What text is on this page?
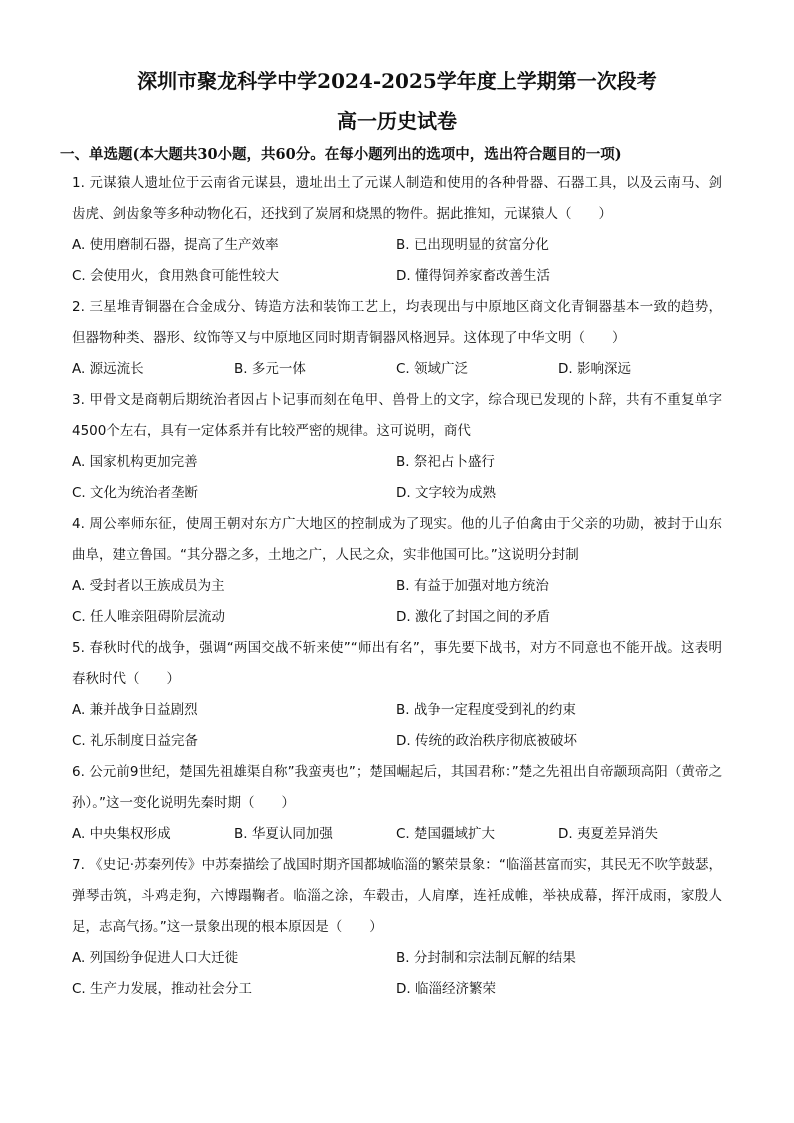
深圳市聚龙科学中学2024-2025学年度上学期第一次段考
高一历史试卷
一、单选题(本大题共30小题，共60分。在每小题列出的选项中，选出符合题目的一项)

1. 元谋猿人遗址位于云南省元谋县，遗址出土了元谋人制造和使用的各种骨器、石器工具，以及云南马、剑齿虎、剑齿象等多种动物化石，还找到了炭屑和烧黑的物件。据此推知，元谋猿人（　　）

A. 使用磨制石器，提高了生产效率	B. 已出现明显的贫富分化
C. 会使用火，食用熟食可能性较大	D. 懂得饲养家畜改善生活

2. 三星堆青铜器在合金成分、铸造方法和装饰工艺上，均表现出与中原地区商文化青铜器基本一致的趋势，但器物种类、器形、纹饰等又与中原地区同时期青铜器风格迥异。这体现了中华文明（　　）

A. 源远流长	B. 多元一体	C. 领域广泛	D. 影响深远

3. 甲骨文是商朝后期统治者因占卜记事而刻在龟甲、兽骨上的文字，综合现已发现的卜辞，共有不重复单字4500个左右，具有一定体系并有比较严密的规律。这可说明，商代

A. 国家机构更加完善	B. 祭祀占卜盛行
C. 文化为统治者垄断	D. 文字较为成熟

4. 周公率师东征，使周王朝对东方广大地区的控制成为了现实。他的儿子伯禽由于父亲的功勋，被封于山东曲阜，建立鲁国。“其分器之多，土地之广，人民之众，实非他国可比。”这说明分封制

A. 受封者以王族成员为主	B. 有益于加强对地方统治
C. 任人唯亲阻碍阶层流动	D. 激化了封国之间的矛盾

5. 春秋时代的战争，强调“两国交战不斩来使”“师出有名”，事先要下战书，对方不同意也不能开战。这表明春秋时代（　　）

A. 兼并战争日益剧烈	B. 战争一定程度受到礼的约束
C. 礼乐制度日益完备	D. 传统的政治秩序彻底被破坏

6. 公元前9世纪，楚国先祖雄渠自称”我蛮夷也”；楚国崛起后，其国君称：”楚之先祖出自帝颛顼高阳（黄帝之孙）。”这一变化说明先秦时期（　　）

A. 中央集权形成	B. 华夏认同加强	C. 楚国疆域扩大	D. 夷夏差异消失

7. 《史记·苏秦列传》中苏秦描绘了战国时期齐国都城临淄的繁荣景象：“临淄甚富而实，其民无不吹竽鼓瑟，弹琴击筑，斗鸡走狗，六博蹋鞠者。临淄之涂，车毂击，人肩摩，连衽成帷，举袂成幕，挥汗成雨，家殷人足，志高气扬。”这一景象出现的根本原因是（　　）

A. 列国纷争促进人口大迁徙	B. 分封制和宗法制瓦解的结果
C. 生产力发展，推动社会分工	D. 临淄经济繁荣
